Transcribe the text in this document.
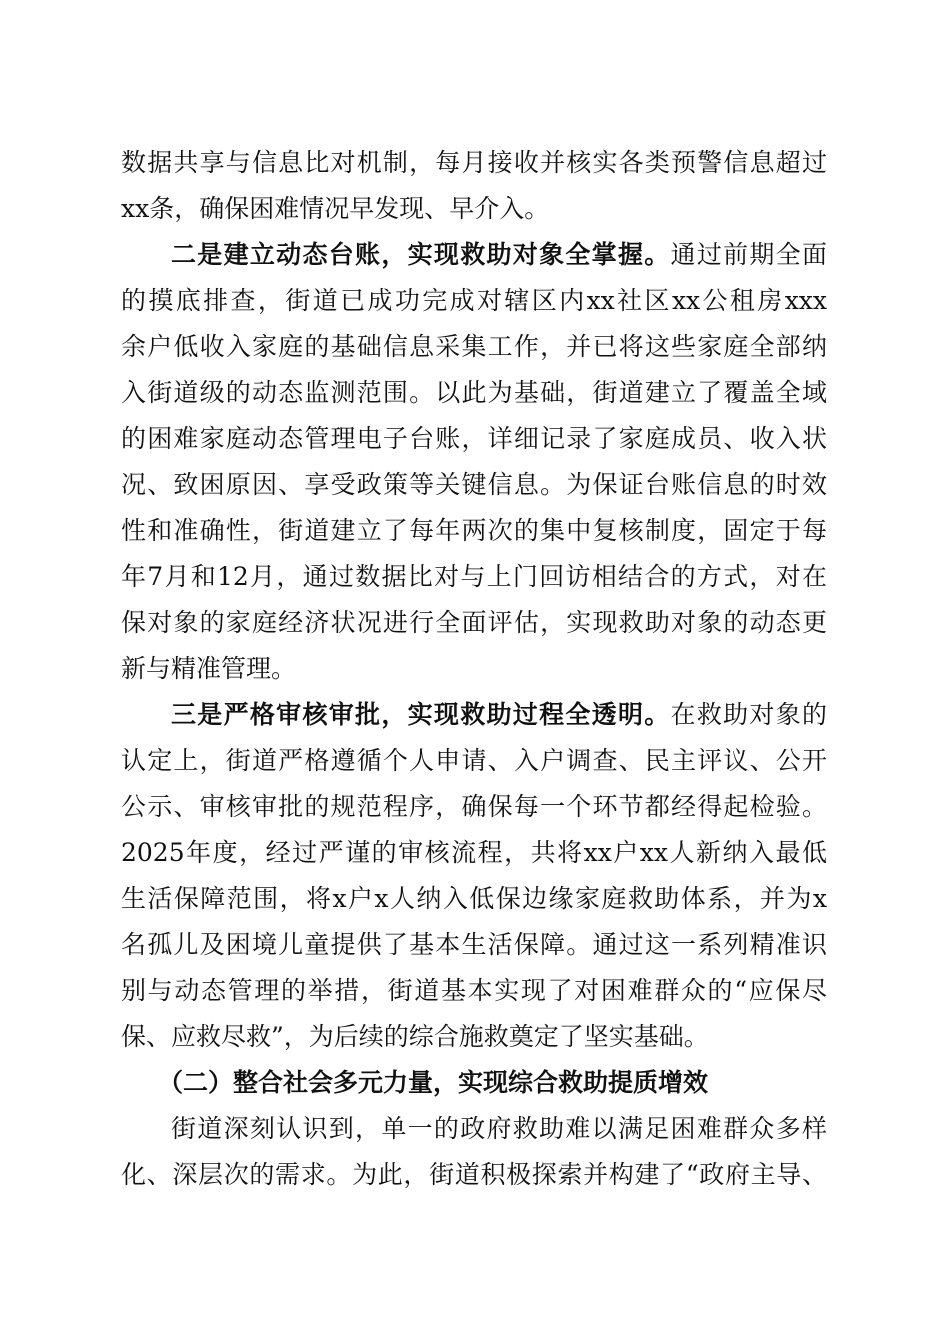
数据共享与信息比对机制，每月接收并核实各类预警信息超过
xx条，确保困难情况早发现、早介入。
二是建立动态台账，实现救助对象全掌握。通过前期全面
的摸底排查，街道已成功完成对辖区内xx社区xx公租房xxx
余户低收入家庭的基础信息采集工作，并已将这些家庭全部纳
入街道级的动态监测范围。以此为基础，街道建立了覆盖全域
的困难家庭动态管理电子台账，详细记录了家庭成员、收入状
况、致困原因、享受政策等关键信息。为保证台账信息的时效
性和准确性，街道建立了每年两次的集中复核制度，固定于每
年7月和12月，通过数据比对与上门回访相结合的方式，对在
保对象的家庭经济状况进行全面评估，实现救助对象的动态更
新与精准管理。
三是严格审核审批，实现救助过程全透明。在救助对象的
认定上，街道严格遵循个人申请、入户调查、民主评议、公开
公示、审核审批的规范程序，确保每一个环节都经得起检验。
2025年度，经过严谨的审核流程，共将xx户xx人新纳入最低
生活保障范围，将x户x人纳入低保边缘家庭救助体系，并为x
名孤儿及困境儿童提供了基本生活保障。通过这一系列精准识
别与动态管理的举措，街道基本实现了对困难群众的“应保尽
保、应救尽救”，为后续的综合施救奠定了坚实基础。
（二）整合社会多元力量，实现综合救助提质增效
街道深刻认识到，单一的政府救助难以满足困难群众多样
化、深层次的需求。为此，街道积极探索并构建了“政府主导、
